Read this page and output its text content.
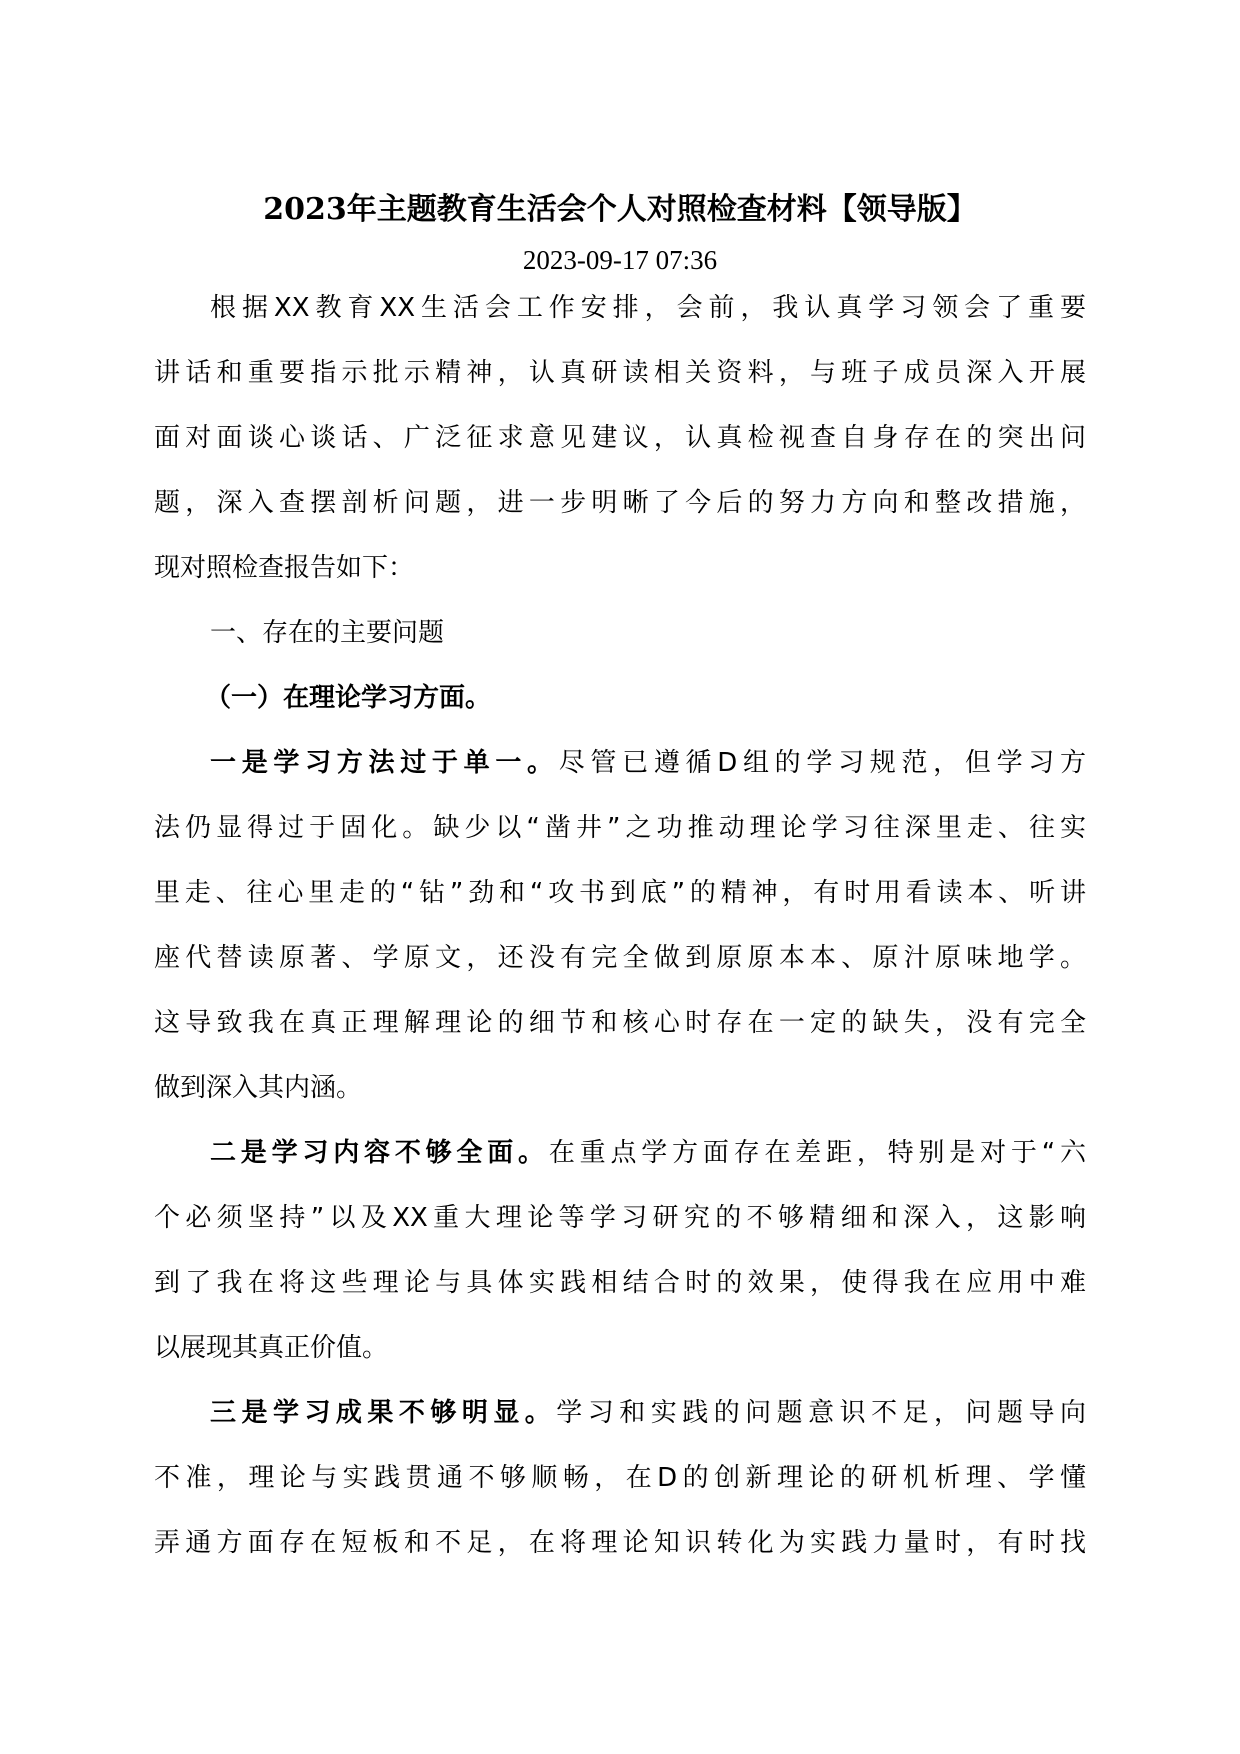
2023年主题教育生活会个人对照检查材料【领导版】
2023-09-17 07:36
根据XX教育XX生活会工作安排，会前，我认真学习领会了重要
讲话和重要指示批示精神，认真研读相关资料，与班子成员深入开展
面对面谈心谈话、广泛征求意见建议，认真检视查自身存在的突出问
题，深入查摆剖析问题，进一步明晰了今后的努力方向和整改措施，
现对照检查报告如下：
一、存在的主要问题
（一）在理论学习方面。
一是学习方法过于单一。尽管已遵循D组的学习规范，但学习方
法仍显得过于固化。缺少以“凿井”之功推动理论学习往深里走、往实
里走、往心里走的“钻”劲和“攻书到底”的精神，有时用看读本、听讲
座代替读原著、学原文，还没有完全做到原原本本、原汁原味地学。
这导致我在真正理解理论的细节和核心时存在一定的缺失，没有完全
做到深入其内涵。
二是学习内容不够全面。在重点学方面存在差距，特别是对于“六
个必须坚持”以及XX重大理论等学习研究的不够精细和深入，这影响
到了我在将这些理论与具体实践相结合时的效果，使得我在应用中难
以展现其真正价值。
三是学习成果不够明显。学习和实践的问题意识不足，问题导向
不准，理论与实践贯通不够顺畅，在D的创新理论的研机析理、学懂
弄通方面存在短板和不足，在将理论知识转化为实践力量时，有时找
